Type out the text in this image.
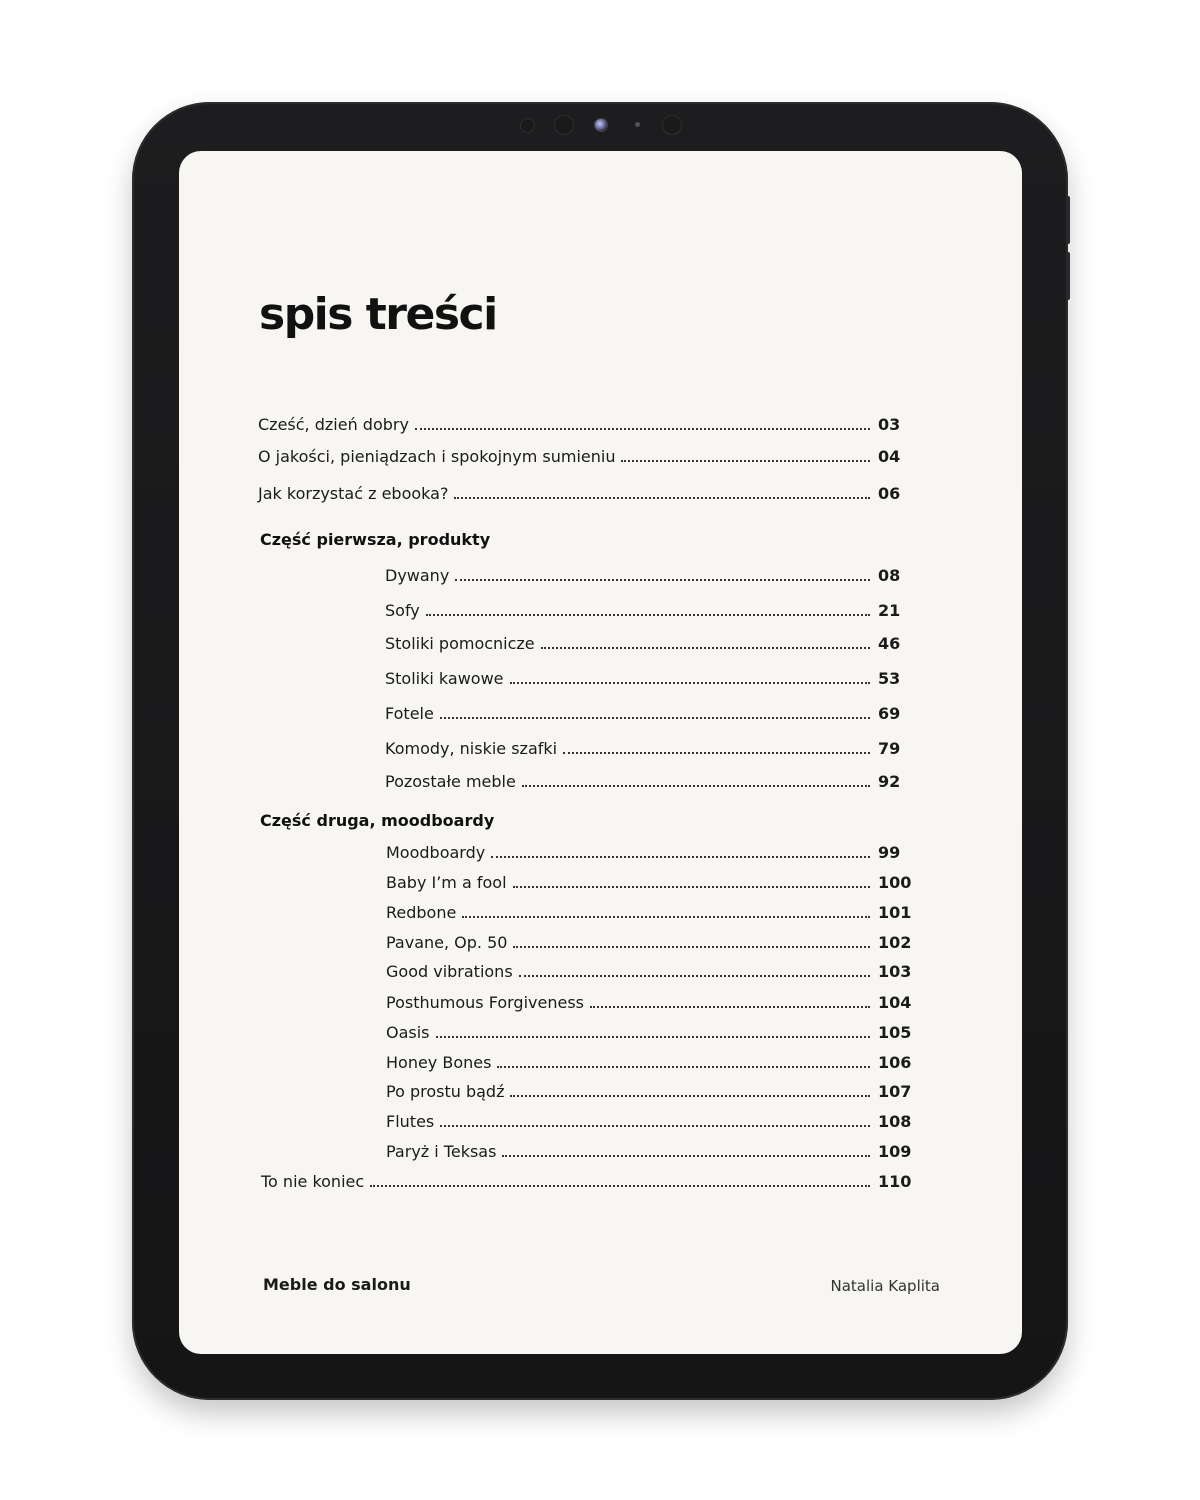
spis treści
Cześć, dzień dobry	03
O jakości, pieniądzach i spokojnym sumieniu	04
Jak korzystać z ebooka?	06
Część pierwsza, produkty
Dywany	08
Sofy	21
Stoliki pomocnicze	46
Stoliki kawowe	53
Fotele	69
Komody, niskie szafki	79
Pozostałe meble	92
Część druga, moodboardy
Moodboardy	99
Baby I’m a fool	100
Redbone	101
Pavane, Op. 50	102
Good vibrations	103
Posthumous Forgiveness	104
Oasis	105
Honey Bones	106
Po prostu bądź	107
Flutes	108
Paryż i Teksas	109
To nie koniec	110
Meble do salonu	Natalia Kaplita
